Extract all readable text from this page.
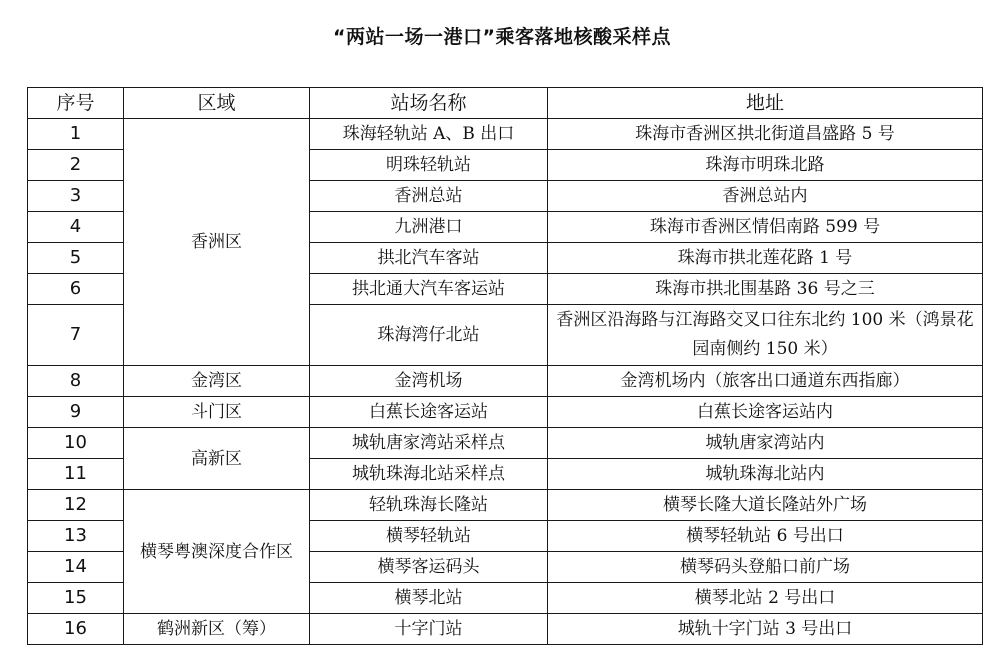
“两站一场一港口”乘客落地核酸采样点
序号	区域	站场名称	地址
1	香洲区	珠海轻轨站 A、B 出口	珠海市香洲区拱北街道昌盛路 5 号
2		明珠轻轨站	珠海市明珠北路
3		香洲总站	香洲总站内
4		九洲港口	珠海市香洲区情侣南路 599 号
5		拱北汽车客站	珠海市拱北莲花路 1 号
6		拱北通大汽车客运站	珠海市拱北围基路 36 号之三
7		珠海湾仔北站	香洲区沿海路与江海路交叉口往东北约 100 米（鸿景花园南侧约 150 米）
8	金湾区	金湾机场	金湾机场内（旅客出口通道东西指廊）
9	斗门区	白蕉长途客运站	白蕉长途客运站内
10	高新区	城轨唐家湾站采样点	城轨唐家湾站内
11		城轨珠海北站采样点	城轨珠海北站内
12	横琴粤澳深度合作区	轻轨珠海长隆站	横琴长隆大道长隆站外广场
13		横琴轻轨站	横琴轻轨站 6 号出口
14		横琴客运码头	横琴码头登船口前广场
15		横琴北站	横琴北站 2 号出口
16	鹤洲新区（筹）	十字门站	城轨十字门站 3 号出口
